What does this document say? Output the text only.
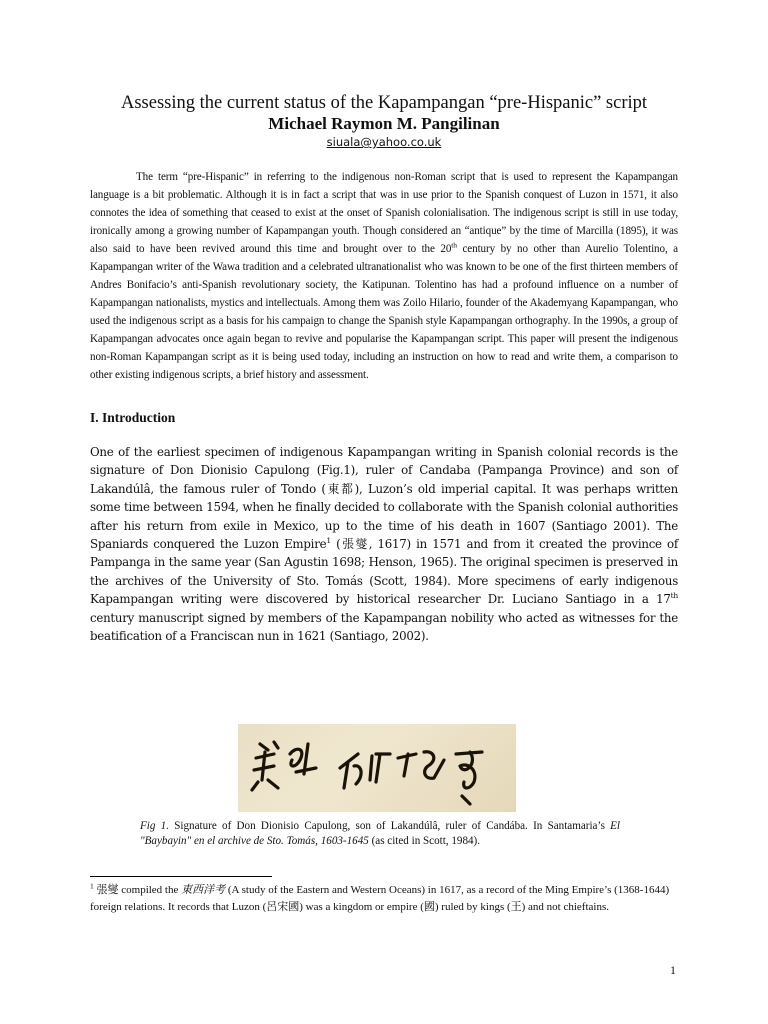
Assessing the current status of the Kapampangan “pre-Hispanic” script

Michael Raymon M. Pangilinan

siuala@yahoo.co.uk

The term “pre-Hispanic” in referring to the indigenous non-Roman script that is used to represent the Kapampangan language is a bit problematic. Although it is in fact a script that was in use prior to the Spanish conquest of Luzon in 1571, it also connotes the idea of something that ceased to exist at the onset of Spanish colonialisation. The indigenous script is still in use today, ironically among a growing number of Kapampangan youth. Though considered an “antique” by the time of Marcilla (1895), it was also said to have been revived around this time and brought over to the 20th century by no other than Aurelio Tolentino, a Kapampangan writer of the Wawa tradition and a celebrated ultranationalist who was known to be one of the first thirteen members of Andres Bonifacio’s anti-Spanish revolutionary society, the Katipunan. Tolentino has had a profound influence on a number of Kapampangan nationalists, mystics and intellectuals. Among them was Zoilo Hilario, founder of the Akademyang Kapampangan, who used the indigenous script as a basis for his campaign to change the Spanish style Kapampangan orthography. In the 1990s, a group of Kapampangan advocates once again began to revive and popularise the Kapampangan script. This paper will present the indigenous non-Roman Kapampangan script as it is being used today, including an instruction on how to read and write them, a comparison to other existing indigenous scripts, a brief history and assessment.
I. Introduction
One of the earliest specimen of indigenous Kapampangan writing in Spanish colonial records is the signature of Don Dionisio Capulong (Fig.1), ruler of Candaba (Pampanga Province) and son of Lakandúlâ, the famous ruler of Tondo (東都), Luzon’s old imperial capital. It was perhaps written some time between 1594, when he finally decided to collaborate with the Spanish colonial authorities after his return from exile in Mexico, up to the time of his death in 1607 (Santiago 2001). The Spaniards conquered the Luzon Empire$^1$ (張燮, 1617) in 1571 and from it created the province of Pampanga in the same year (San Agustin 1698; Henson, 1965). The original specimen is preserved in the archives of the University of Sto. Tomás (Scott, 1984). More specimens of early indigenous Kapampangan writing were discovered by historical researcher Dr. Luciano Santiago in a 17th century manuscript signed by members of the Kapampangan nobility who acted as witnesses for the beatification of a Franciscan nun in 1621 (Santiago, 2002).
Fig 1. Signature of Don Dionisio Capulong, son of Lakandúlâ, ruler of Candába. In Santamaria’s El "Baybayin" en el archive de Sto. Tomás, 1603-1645 (as cited in Scott, 1984).
$^1$ 張燮 compiled the 東西洋考 (A study of the Eastern and Western Oceans) in 1617, as a record of the Ming Empire’s (1368-1644) foreign relations. It records that Luzon (呂宋國) was a kingdom or empire (國) ruled by kings (王) and not chieftains.
1
